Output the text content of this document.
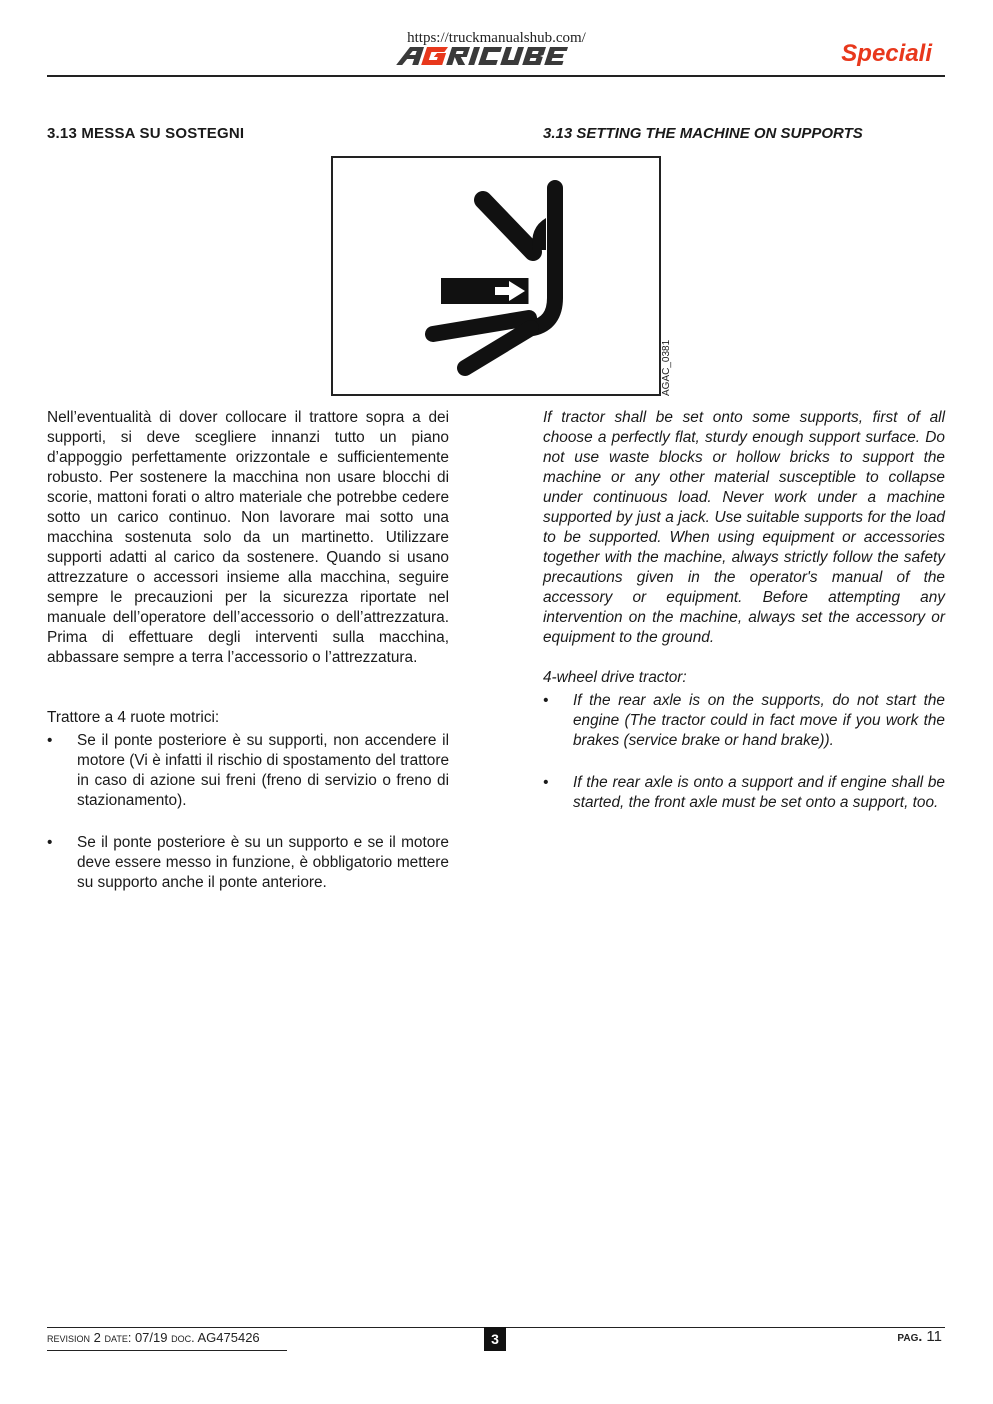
https://truckmanualshub.com/
Speciali
3.13 MESSA SU SOSTEGNI	3.13 SETTING THE MACHINE ON SUPPORTS
AGAC_0381
Nell’eventualità di dover collocare il trattore sopra a dei supporti, si deve scegliere innanzi tutto un piano d’appoggio perfettamente orizzontale e sufficientemente robusto. Per sostenere la macchina non usare blocchi di scorie, mattoni forati o altro materiale che potrebbe cedere sotto un carico continuo. Non lavorare mai sotto una macchina sostenuta solo da un martinetto. Utilizzare supporti adatti al carico da sostenere. Quando si usano attrezzature o accessori insieme alla macchina, seguire sempre le precauzioni per la sicurezza riportate nel manuale dell’operatore dell’accessorio o dell’attrezzatura. Prima di effettuare degli interventi sulla macchina, abbassare sempre a terra l’accessorio o l’attrezzatura.
Trattore a 4 ruote motrici:
• Se il ponte posteriore è su supporti, non accendere il motore (Vi è infatti il rischio di spostamento del trattore in caso di azione sui freni (freno di servizio o freno di stazionamento).
• Se il ponte posteriore è su un supporto e se il motore deve essere messo in funzione, è obbligatorio mettere su supporto anche il ponte anteriore.
If tractor shall be set onto some supports, first of all choose a perfectly flat, sturdy enough support surface. Do not use waste blocks or hollow bricks to support the machine or any other material susceptible to collapse under continuous load. Never work under a machine supported by just a jack. Use suitable supports for the load to be supported. When using equipment or accessories together with the machine, always strictly follow the safety precautions given in the operator's manual of the accessory or equipment. Before attempting any intervention on the machine, always set the accessory or equipment to the ground.
4-wheel drive tractor:
• If the rear axle is on the supports, do not start the engine (The tractor could in fact move if you work the brakes (service brake or hand brake)).
• If the rear axle is onto a support and if engine shall be started, the front axle must be set onto a support, too.
revision 2 date: 07/19 doc. AG475426	3	pag. 11
